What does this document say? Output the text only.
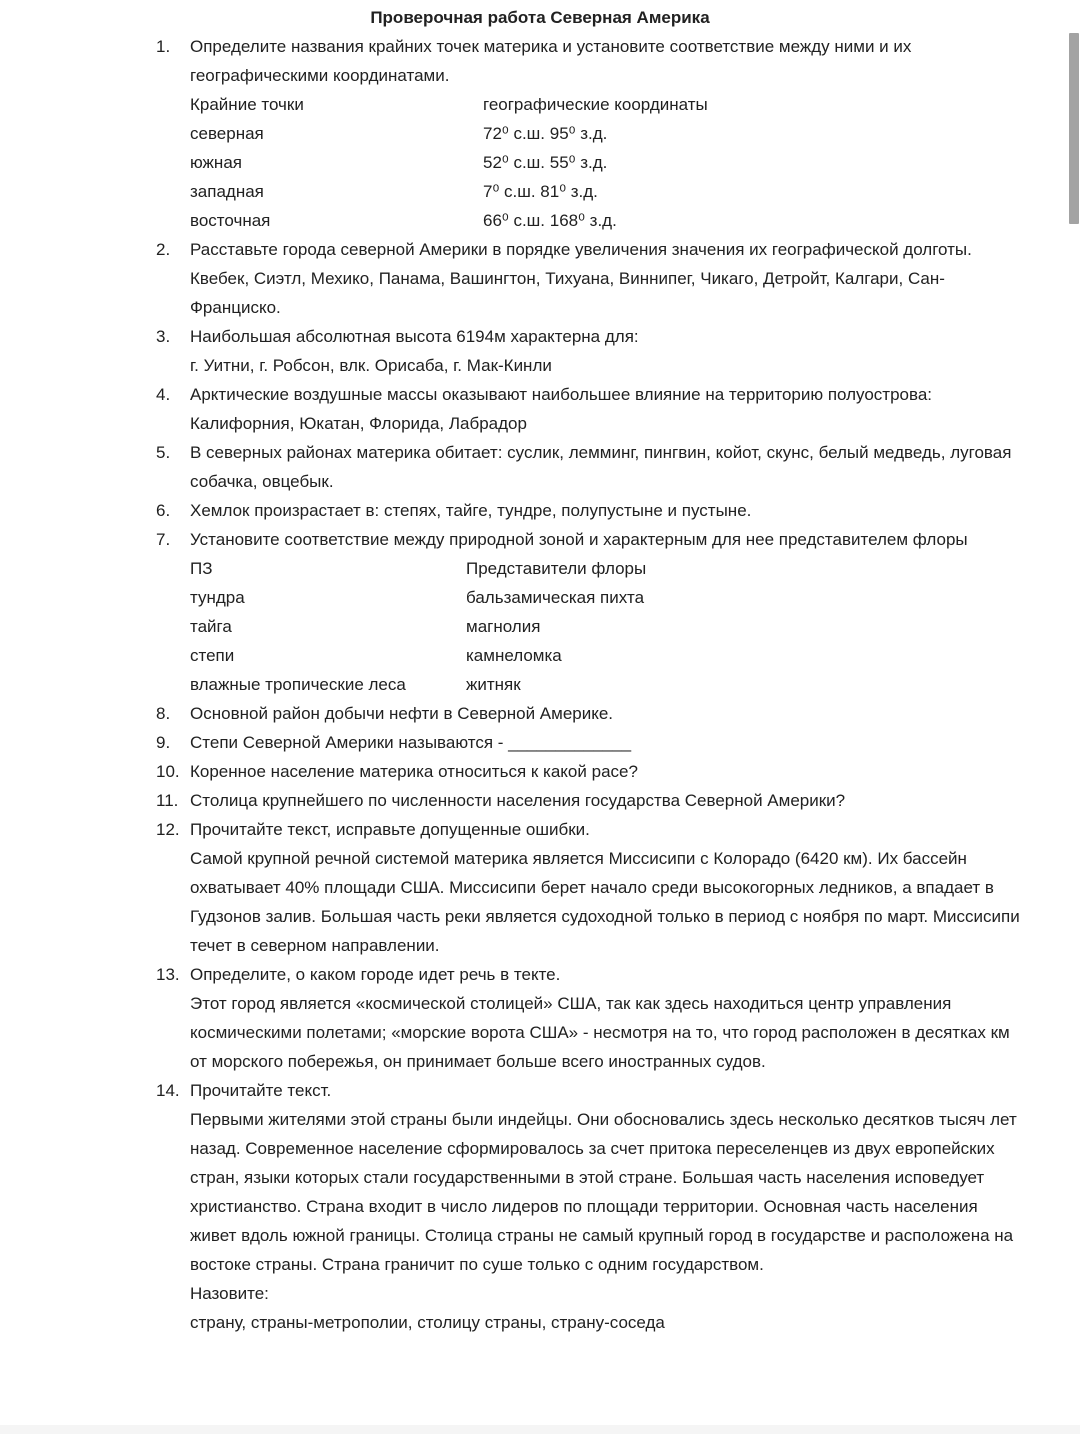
Проверочная работа Северная Америка
1.	Определите названия крайних точек материка и установите соответствие между ними и их географическими координатами.

Крайние точки	географические координаты
северная	72⁰ с.ш. 95⁰ з.д.
южная	52⁰ с.ш. 55⁰ з.д.
западная	7⁰ с.ш. 81⁰ з.д.
восточная	66⁰ с.ш. 168⁰ з.д.
2.	Расставьте города северной Америки в порядке увеличения значения их географической долготы.

Квебек, Сиэтл, Мехико, Панама, Вашингтон, Тихуана, Виннипег, Чикаго, Детройт, Калгари, Сан-Франциско.

3.	Наибольшая абсолютная высота 6194м характерна для:

г. Уитни, г. Робсон, влк. Орисаба, г. Мак-Кинли

4.	Арктические воздушные массы оказывают наибольшее влияние на территорию полуострова: Калифорния, Юкатан, Флорида, Лабрадор

5.	В северных районах материка обитает: суслик, лемминг, пингвин, койот, скунс, белый медведь, луговая собачка, овцебык.

6.	Хемлок произрастает в: степях, тайге, тундре, полупустыне и пустыне.

7.	Установите соответствие между природной зоной и характерным для нее представителем флоры

ПЗ	Представители флоры
тундра	бальзамическая пихта
тайга	магнолия
степи	камнеломка
влажные тропические леса	житняк
8.	Основной район добычи нефти в Северной Америке.

9.	Степи Северной Америки называются - _____________

10. Коренное население материка относиться к какой расе?

11. Столица крупнейшего по численности населения государства Северной Америки?

12. Прочитайте текст, исправьте допущенные ошибки.

Самой крупной речной системой материка является Миссисипи с Колорадо (6420 км). Их бассейн охватывает 40% площади США. Миссисипи берет начало среди высокогорных ледников, а впадает в Гудзонов залив. Большая часть реки является судоходной только в период с ноября по март. Миссисипи течет в северном направлении.

13. Определите, о каком городе идет речь в текте.

Этот город является «космической столицей» США, так как здесь находиться центр управления космическими полетами; «морские ворота США» - несмотря на то, что город расположен в десятках км от морского побережья, он принимает больше всего иностранных судов.

14. Прочитайте текст.

Первыми жителями этой страны были индейцы. Они обосновались здесь несколько десятков тысяч лет назад. Современное население сформировалось за счет притока переселенцев из двух европейских стран, языки которых стали государственными в этой стране. Большая часть населения исповедует христианство. Страна входит в число лидеров по площади территории. Основная часть населения живет вдоль южной границы. Столица страны не самый крупный город в государстве и расположена на востоке страны. Страна граничит по суше только с одним государством.

Назовите:

страну, страны-метрополии, столицу страны, страну-соседа
